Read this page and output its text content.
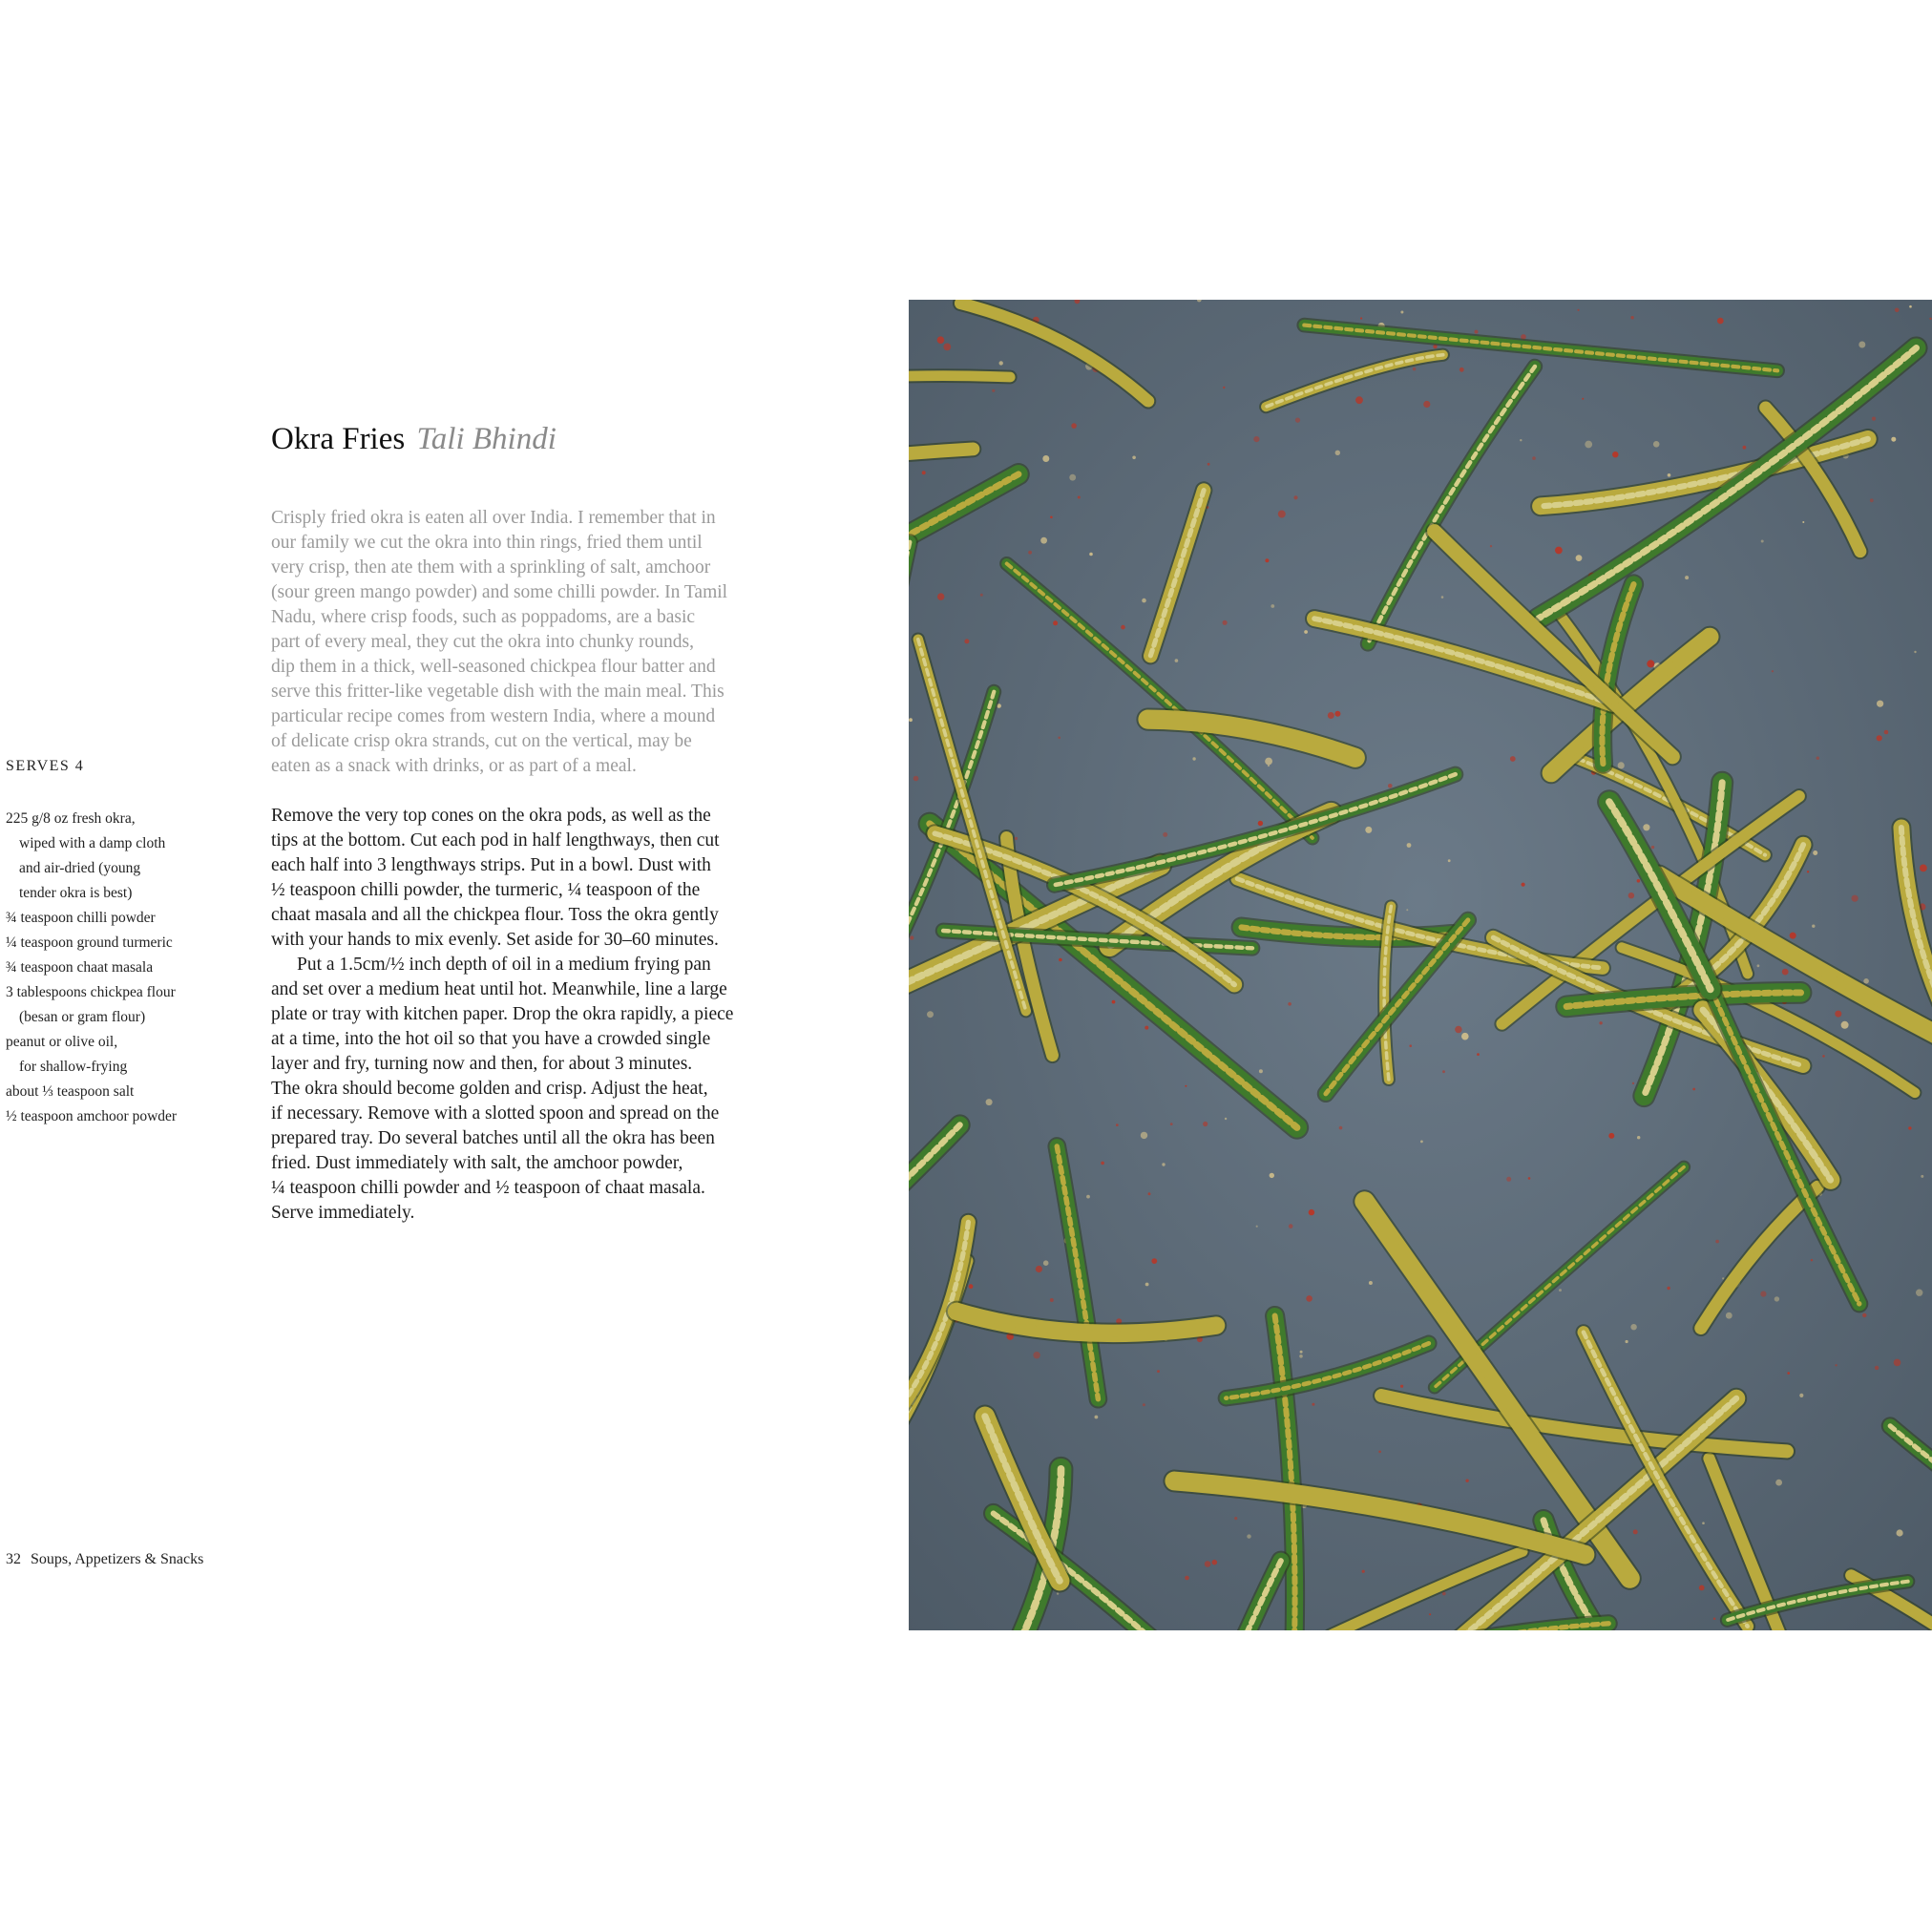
Okra Fries Tali Bhindi
Crisply fried okra is eaten all over India. I remember that in
our family we cut the okra into thin rings, fried them until
very crisp, then ate them with a sprinkling of salt, amchoor
(sour green mango powder) and some chilli powder. In Tamil
Nadu, where crisp foods, such as poppadoms, are a basic
part of every meal, they cut the okra into chunky rounds,
dip them in a thick, well-seasoned chickpea flour batter and
serve this fritter-like vegetable dish with the main meal. This
particular recipe comes from western India, where a mound
of delicate crisp okra strands, cut on the vertical, may be
eaten as a snack with drinks, or as part of a meal.
SERVES 4
225 g/8 oz fresh okra,
wiped with a damp cloth
and air-dried (young
tender okra is best)
¾ teaspoon chilli powder
¼ teaspoon ground turmeric
¾ teaspoon chaat masala
3 tablespoons chickpea flour
(besan or gram flour)
peanut or olive oil,
for shallow-frying
about ⅓ teaspoon salt
½ teaspoon amchoor powder
Remove the very top cones on the okra pods, as well as the
tips at the bottom. Cut each pod in half lengthways, then cut
each half into 3 lengthways strips. Put in a bowl. Dust with
½ teaspoon chilli powder, the turmeric, ¼ teaspoon of the
chaat masala and all the chickpea flour. Toss the okra gently
with your hands to mix evenly. Set aside for 30–60 minutes.
Put a 1.5cm/½ inch depth of oil in a medium frying pan
and set over a medium heat until hot. Meanwhile, line a large
plate or tray with kitchen paper. Drop the okra rapidly, a piece
at a time, into the hot oil so that you have a crowded single
layer and fry, turning now and then, for about 3 minutes.
The okra should become golden and crisp. Adjust the heat,
if necessary. Remove with a slotted spoon and spread on the
prepared tray. Do several batches until all the okra has been
fried. Dust immediately with salt, the amchoor powder,
¼ teaspoon chilli powder and ½ teaspoon of chaat masala.
Serve immediately.
32 Soups, Appetizers & Snacks
